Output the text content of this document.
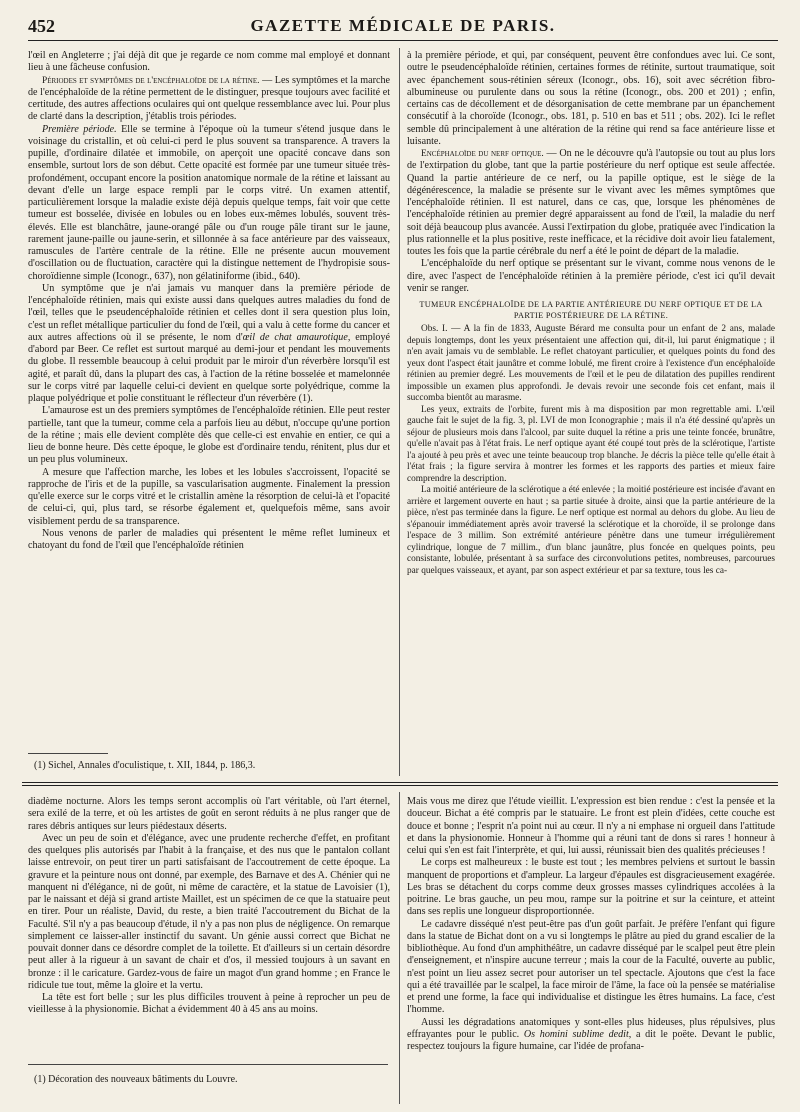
452	GAZETTE MÉDICALE DE PARIS.

l'œil en Angleterre ; j'ai déjà dit que je regarde ce nom comme mal employé et donnant lieu à une fâcheuse confusion.

Périodes et symptômes de l'encéphaloïde de la rétine. — Les symptômes et la marche de l'encéphaloïde de la rétine permettent de le distinguer, presque toujours avec facilité et certitude, des autres affections oculaires qui ont quelque ressemblance avec lui. Pour plus de clarté dans la description, j'établis trois périodes.

Première période. Elle se termine à l'époque où la tumeur s'étend jusque dans le voisinage du cristallin, et où celui-ci perd le plus souvent sa transparence. A travers la pupille, d'ordinaire dilatée et immobile, on aperçoit une opacité concave dans son ensemble, surtout lors de son début. Cette opacité est formée par une tumeur située très-profondément, occupant encore la position anatomique normale de la rétine et laissant au devant d'elle un large espace rempli par le corps vitré. Un examen attentif, particulièrement lorsque la maladie existe déjà depuis quelque temps, fait voir que cette tumeur est bosselée, divisée en lobules ou en lobes eux-mêmes lobulés, souvent très-élevés. Elle est blanchâtre, jaune-orangé pâle ou d'un rouge pâle tirant sur le jaune, rarement jaune-paille ou jaune-serin, et sillonnée à sa face antérieure par des vaisseaux, ramuscules de l'artère centrale de la rétine. Elle ne présente aucun mouvement d'oscillation ou de fluctuation, caractère qui la distingue nettement de l'hydropisie sous-choroïdienne simple (Iconogr., 637), non gélatiniforme (ibid., 640).

Un symptôme que je n'ai jamais vu manquer dans la première période de l'encéphaloïde rétinien, mais qui existe aussi dans quelques autres maladies du fond de l'œil, telles que le pseudencéphaloïde rétinien et celles dont il sera question plus loin, c'est un reflet métallique particulier du fond de l'œil, qui a valu à cette forme du cancer et aux autres affections où il se présente, le nom d'œil de chat amaurotique, employé d'abord par Beer. Ce reflet est surtout marqué au demi-jour et pendant les mouvements du globe. Il ressemble beaucoup à celui produit par le miroir d'un réverbère lorsqu'il est agité, et paraît dû, dans la plupart des cas, à l'action de la rétine bosselée et mamelonnée sur le corps vitré par laquelle celui-ci devient en quelque sorte polyédrique, comme la plaque polyédrique et polie constituant le réflecteur d'un réverbère (1).

L'amaurose est un des premiers symptômes de l'encéphaloïde rétinien. Elle peut rester partielle, tant que la tumeur, comme cela a parfois lieu au début, n'occupe qu'une portion de la rétine ; mais elle devient complète dès que celle-ci est envahie en entier, ce qui a lieu de bonne heure. Dès cette époque, le globe est d'ordinaire tendu, rénitent, plus dur et un peu plus volumineux.

A mesure que l'affection marche, les lobes et les lobules s'accroissent, l'opacité se rapproche de l'iris et de la pupille, sa vascularisation augmente. Finalement la pression qu'elle exerce sur le corps vitré et le cristallin amène la résorption de celui-là et l'opacité de celui-ci, qui, plus tard, se résorbe également et, quelquefois même, sans avoir visiblement perdu de sa transparence.

Nous venons de parler de maladies qui présentent le même reflet lumineux et chatoyant du fond de l'œil que l'encéphaloïde rétinien

(1) Sichel, Annales d'oculistique, t. XII, 1844, p. 186,3.

à la première période, et qui, par conséquent, peuvent être confondues avec lui. Ce sont, outre le pseudencéphaloïde rétinien, certaines formes de rétinite, surtout traumatique, soit avec épanchement sous-rétinien séreux (Iconogr., obs. 16), soit avec sécrétion fibro-albumineuse ou purulente dans ou sous la rétine (Iconogr., obs. 200 et 201) ; enfin, certains cas de décollement et de désorganisation de cette membrane par un épanchement consécutif à la choroïde (Iconogr., obs. 181, p. 510 en bas et 511 ; obs. 202). Ici le reflet semble dû principalement à une altération de la rétine qui rend sa face antérieure lisse et luisante.

Encéphaloïde du nerf optique. — On ne le découvre qu'à l'autopsie ou tout au plus lors de l'extirpation du globe, tant que la partie postérieure du nerf optique est seule affectée. Quand la partie antérieure de ce nerf, ou la papille optique, est le siège de la dégénérescence, la maladie se présente sur le vivant avec les mêmes symptômes que l'encéphaloïde rétinien. Il est naturel, dans ce cas, que, lorsque les phénomènes de l'encéphaloïde rétinien au premier degré apparaissent au fond de l'œil, la maladie du nerf soit déjà beaucoup plus avancée. Aussi l'extirpation du globe, pratiquée avec l'indication la plus rationnelle et la plus positive, reste inefficace, et la récidive doit avoir lieu fatalement, toutes les fois que la partie cérébrale du nerf a été le point de départ de la maladie.

L'encéphaloïde du nerf optique se présentant sur le vivant, comme nous venons de le dire, avec l'aspect de l'encéphaloïde rétinien à la première période, c'est ici qu'il devait venir se ranger.

TUMEUR ENCÉPHALOÏDE DE LA PARTIE ANTÉRIEURE DU NERF OPTIQUE ET DE LA PARTIE POSTÉRIEURE DE LA RÉTINE.

Obs. I. — A la fin de 1833, Auguste Bérard me consulta pour un enfant de 2 ans, malade depuis longtemps, dont les yeux présentaient une affection qui, dit-il, lui parut énigmatique ; il n'en avait jamais vu de semblable. Le reflet chatoyant particulier, et quelques points du fond des yeux dont l'aspect était jaunâtre et comme lobulé, me firent croire à l'existence d'un encéphaloïde rétinien au premier degré. Les mouvements de l'œil et le peu de dilatation des pupilles rendirent impossible un examen plus approfondi. Je devais revoir une seconde fois cet enfant, mais il succomba bientôt au marasme.

Les yeux, extraits de l'orbite, furent mis à ma disposition par mon regrettable ami. L'œil gauche fait le sujet de la fig. 3, pl. LVI de mon Iconographie ; mais il n'a été dessiné qu'après un séjour de plusieurs mois dans l'alcool, par suite duquel la rétine a pris une teinte foncée, brunâtre, qu'elle n'avait pas à l'état frais. Le nerf optique ayant été coupé tout près de la sclérotique, l'artiste l'a ajouté à peu près et avec une teinte beaucoup trop blanche. Je décris la pièce telle qu'elle était à l'état frais ; la figure servira à montrer les formes et les rapports des parties et mieux faire comprendre la description.

La moitié antérieure de la sclérotique a été enlevée ; la moitié postérieure est incisée d'avant en arrière et largement ouverte en haut ; sa partie située à droite, ainsi que la partie antérieure de la pièce, n'est pas terminée dans la figure. Le nerf optique est normal au dehors du globe. Au lieu de s'épanouir immédiatement après avoir traversé la sclérotique et la choroïde, il se prolonge dans l'espace de 3 millim. Son extrémité antérieure pénètre dans une tumeur irrégulièrement cylindrique, longue de 7 millim., d'un blanc jaunâtre, plus foncée en quelques points, peu consistante, lobulée, présentant à sa surface des circonvolutions petites, nombreuses, parcourues par quelques vaisseaux, et ayant, par son aspect extérieur et par sa texture, tous les ca-

diadème nocturne. Alors les temps seront accomplis où l'art véritable, où l'art éternel, sera exilé de la terre, et où les artistes de goût en seront réduits à ne plus ranger que de rares débris antiques sur leurs piédestaux déserts.

Avec un peu de soin et d'élégance, avec une prudente recherche d'effet, en profitant des quelques plis autorisés par l'habit à la française, et des nus que le pantalon collant laisse entrevoir, on peut tirer un parti satisfaisant de l'accoutrement de cette époque. La gravure et la peinture nous ont donné, par exemple, des Barnave et des A. Chénier qui ne manquent ni d'élégance, ni de goût, ni même de caractère, et la statue de Lavoisier (1), par le naissant et déjà si grand artiste Maillet, est un spécimen de ce que la statuaire peut en tirer. Pour un réaliste, David, du reste, a bien traité l'accoutrement du Bichat de la Faculté. S'il n'y a pas beaucoup d'étude, il n'y a pas non plus de négligence. On remarque simplement ce laisser-aller instinctif du savant. Un génie aussi correct que Bichat ne pouvait donner dans ce désordre complet de la toilette. Et d'ailleurs si un certain désordre peut aller à la rigueur à un savant de chair et d'os, il messied toujours à un savant en bronze : il le caricature. Gardez-vous de faire un magot d'un grand homme ; en France le ridicule tue tout, même la gloire et la vertu.

La tête est fort belle ; sur les plus difficiles trouvent à peine à reprocher un peu de vieillesse à la physionomie. Bichat a évidemment 40 à 45 ans au moins.

(1) Décoration des nouveaux bâtiments du Louvre.

Mais vous me direz que l'étude vieillit. L'expression est bien rendue : c'est la pensée et la douceur. Bichat a été compris par le statuaire. Le front est plein d'idées, cette couche est douce et bonne ; l'esprit n'a point nui au cœur. Il n'y a ni emphase ni orgueil dans l'attitude et dans la physionomie. Honneur à l'homme qui a réuni tant de dons si rares ! honneur à celui qui s'en est fait l'interprète, et qui, lui aussi, réunissait bien des qualités précieuses !

Le corps est malheureux : le buste est tout ; les membres pelviens et surtout le bassin manquent de proportions et d'ampleur. La largeur d'épaules est disgracieusement exagérée. Les bras se détachent du corps comme deux grosses masses cylindriques accolées à la poitrine. Le bras gauche, un peu mou, rampe sur la poitrine et sur la ceinture, et atteint dans ses replis une longueur disproportionnée.

Le cadavre disséqué n'est peut-être pas d'un goût parfait. Je préfère l'enfant qui figure dans la statue de Bichat dont on a vu si longtemps le plâtre au pied du grand escalier de la bibliothèque. Au fond d'un amphithéâtre, un cadavre disséqué par le scalpel peut être plein d'enseignement, et n'inspire aucune terreur ; mais la cour de la Faculté, ouverte au public, n'est point un lieu assez secret pour autoriser un tel spectacle. Ajoutons que c'est la face qui a été travaillée par le scalpel, la face miroir de l'âme, la face où la pensée se matérialise et prend une forme, la face qui individualise et distingue les êtres humains. La face, c'est l'homme.

Aussi les dégradations anatomiques y sont-elles plus hideuses, plus répulsives, plus effrayantes pour le public. Os homini sublime dedit, a dit le poëte. Devant le public, respectez toujours la figure humaine, car l'idée de profana-
